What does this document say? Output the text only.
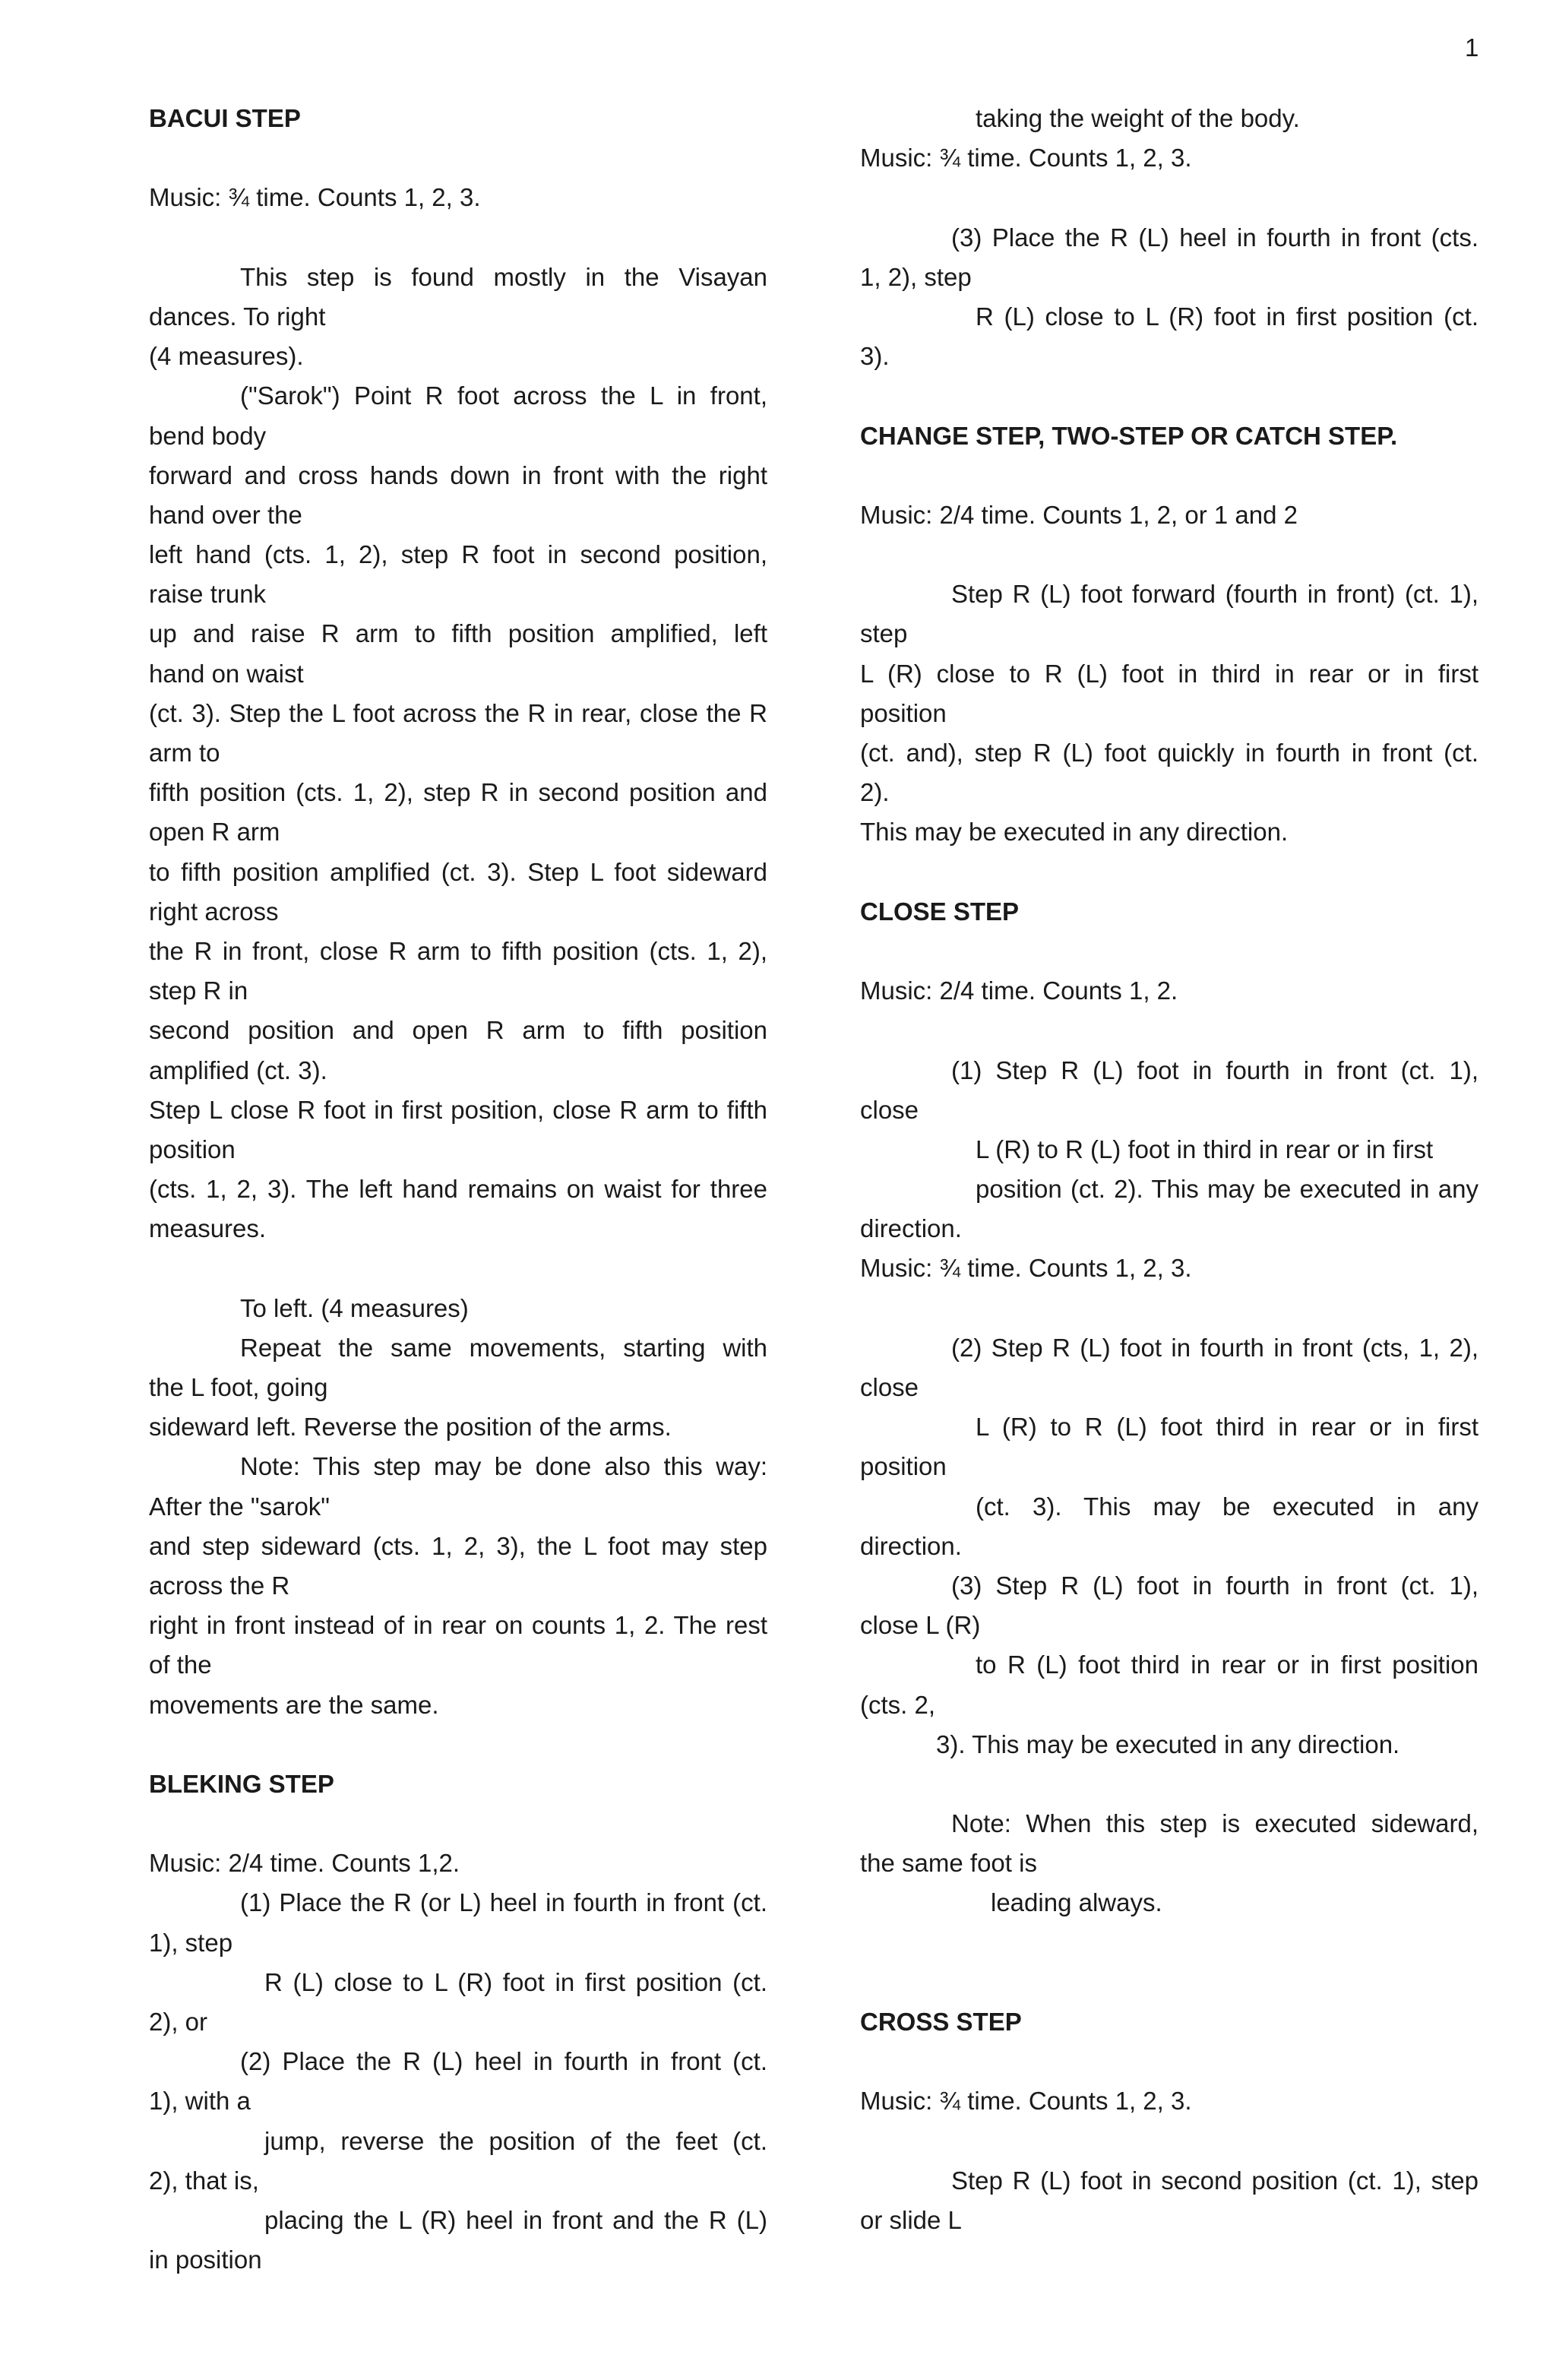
1
BACUI STEP
Music: ¾ time. Counts 1, 2, 3.
This step is found mostly in the Visayan
dances. To right
(4 measures).
("Sarok") Point R foot across the L in front,
bend body
forward and cross hands down in front with the right
hand over the
left hand (cts. 1, 2), step R foot in second position,
raise trunk
up and raise R arm to fifth position amplified, left
hand on waist
(ct. 3). Step the L foot across the R in rear, close the R
arm to
fifth position (cts. 1, 2), step R in second position and
open R arm
to fifth position amplified (ct. 3). Step L foot sideward
right across
the R in front, close R arm to fifth position (cts. 1, 2),
step R in
second position and open R arm to fifth position
amplified (ct. 3).
Step L close R foot in first position, close R arm to fifth
position
(cts. 1, 2, 3). The left hand remains on waist for three
measures.
To left. (4 measures)
Repeat the same movements, starting with
the L foot, going
sideward left. Reverse the position of the arms.
Note: This step may be done also this way:
After the "sarok"
and step sideward (cts. 1, 2, 3), the L foot may step
across the R
right in front instead of in rear on counts 1, 2. The rest
of the
movements are the same.
BLEKING STEP
Music: 2/4 time. Counts 1,2.
(1) Place the R (or L) heel in fourth in front (ct.
1), step
R (L) close to L (R) foot in first position (ct.
2), or
(2) Place the R (L) heel in fourth in front (ct.
1), with a
jump, reverse the position of the feet (ct.
2), that is,
placing the L (R) heel in front and the R (L)
in position
taking the weight of the body.
Music: ¾ time. Counts 1, 2, 3.
(3) Place the R (L) heel in fourth in front (cts.
1, 2), step
R (L) close to L (R) foot in first position (ct.
3).
CHANGE STEP, TWO-STEP OR CATCH STEP.
Music: 2/4 time. Counts 1, 2, or 1 and 2
Step R (L) foot forward (fourth in front) (ct. 1),
step
L (R) close to R (L) foot in third in rear or in first
position
(ct. and), step R (L) foot quickly in fourth in front (ct.
2).
This may be executed in any direction.
CLOSE STEP
Music: 2/4 time. Counts 1, 2.
(1) Step R (L) foot in fourth in front (ct. 1),
close
L (R) to R (L) foot in third in rear or in first
position (ct. 2). This may be executed in any
direction.
Music: ¾ time. Counts 1, 2, 3.
(2) Step R (L) foot in fourth in front (cts, 1, 2),
close
L (R) to R (L) foot third in rear or in first
position
(ct. 3). This may be executed in any
direction.
(3) Step R (L) foot in fourth in front (ct. 1),
close L (R)
to R (L) foot third in rear or in first position
(cts. 2,
3). This may be executed in any direction.
Note: When this step is executed sideward,
the same foot is
leading always.
CROSS STEP
Music: ¾ time. Counts 1, 2, 3.
Step R (L) foot in second position (ct. 1), step
or slide L
